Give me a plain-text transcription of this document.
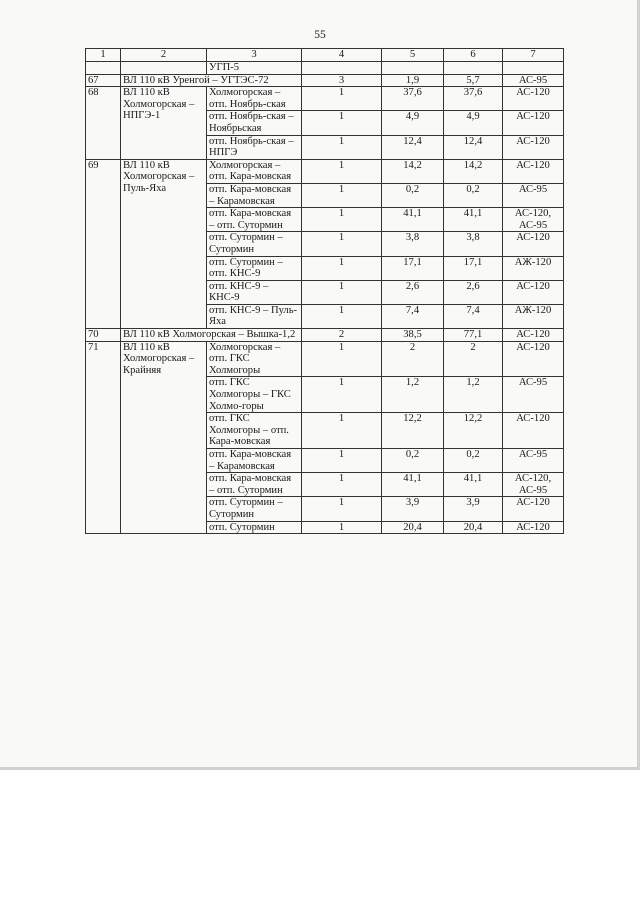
55
1	2	3	4	5	6	7
		УГП-5				
67	ВЛ 110 кВ Уренгой – УГТЭС-72		3	1,9	5,7	АС-95
68	ВЛ 110 кВ Холмогорская – НПГЭ-1	Холмогорская – отп. Ноябрь-ская	1	37,6	37,6	АС-120
		отп. Ноябрь-ская – Ноябрьская	1	4,9	4,9	АС-120
		отп. Ноябрь-ская – НПГЭ	1	12,4	12,4	АС-120
69	ВЛ 110 кВ Холмогорская – Пуль-Яха	Холмогорская – отп. Кара-мовская	1	14,2	14,2	АС-120
		отп. Кара-мовская – Карамовская	1	0,2	0,2	АС-95
		отп. Кара-мовская – отп. Сутормин	1	41,1	41,1	АС-120, АС-95
		отп. Сутормин – Сутормин	1	3,8	3,8	АС-120
		отп. Сутормин – отп. КНС-9	1	17,1	17,1	АЖ-120
		отп. КНС-9 – КНС-9	1	2,6	2,6	АС-120
		отп. КНС-9 – Пуль-Яха	1	7,4	7,4	АЖ-120
70	ВЛ 110 кВ Холмогорская – Вышка-1,2		2	38,5	77,1	АС-120
71	ВЛ 110 кВ Холмогорская – Крайняя	Холмогорская – отп. ГКС Холмогоры	1	2	2	АС-120
		отп. ГКС Холмогоры – ГКС Холмо-горы	1	1,2	1,2	АС-95
		отп. ГКС Холмогоры – отп. Кара-мовская	1	12,2	12,2	АС-120
		отп. Кара-мовская – Карамовская	1	0,2	0,2	АС-95
		отп. Кара-мовская – отп. Сутормин	1	41,1	41,1	АС-120, АС-95
		отп. Сутормин – Сутормин	1	3,9	3,9	АС-120
		отп. Сутормин	1	20,4	20,4	АС-120
